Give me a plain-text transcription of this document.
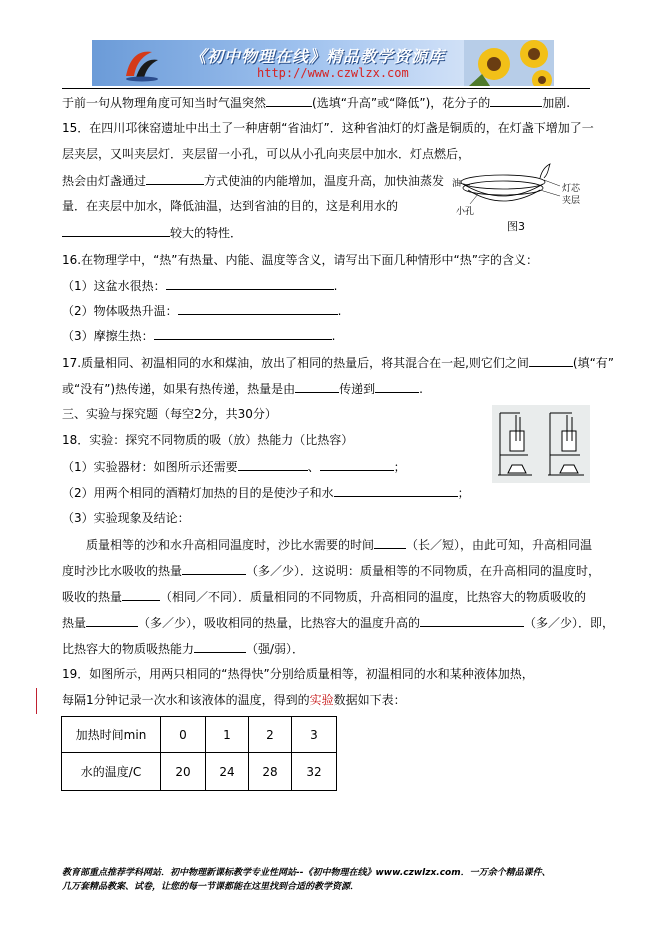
《初中物理在线》精品教学资源库
http://www.czwlzx.com
于前一句从物理角度可知当时气温突然	(选填“升高”或“降低”)，花分子的	加剧.
15．在四川邛徕窑遗址中出土了一种唐朝“省油灯”．这种省油灯的灯盏是铜质的，在灯盏下增加了一
层夹层，又叫夹层灯．夹层留一小孔，可以从小孔向夹层中加水．灯点燃后，
热会由灯盏通过	方式使油的内能增加，温度升高，加快油蒸发
量．在夹层中加水，降低油温，达到省油的目的，这是利用水的
较大的特性．
油	灯芯
夹层
小孔
图3
16.在物理学中，“热”有热量、内能、温度等含义，请写出下面几种情形中“热”字的含义：
（1）这盆水很热：	.
（2）物体吸热升温：	.
（3）摩擦生热：	.
17.质量相同、初温相同的水和煤油，放出了相同的热量后，将其混合在一起,则它们之间	(填“有”
或“没有”)热传递，如果有热传递，热量是由	传递到	.
三、实验与探究题（每空2分，共30分）
18．实验：探究不同物质的吸（放）热能力（比热容）
（1）实验器材：如图所示还需要	、	；
（2）用两个相同的酒精灯加热的目的是使沙子和水	；
（3）实验现象及结论：
质量相等的沙和水升高相同温度时，沙比水需要的时间	（长／短），由此可知，升高相同温
度时沙比水吸收的热量	（多／少）．这说明：质量相等的不同物质，在升高相同的温度时，
吸收的热量	（相同／不同）．质量相同的不同物质，升高相同的温度，比热容大的物质吸收的
热量	（多／少），吸收相同的热量，比热容大的温度升高的	（多／少）．即，
比热容大的物质吸热能力	（强/弱）．
19．如图所示，用两只相同的“热得快”分别给质量相等，初温相同的水和某种液体加热，
每隔1分钟记录一次水和该液体的温度，得到的实验数据如下表：
加热时间min	0	1	2	3
水的温度/C	20	24	28	32
教育部重点推荐学科网站．初中物理新课标教学专业性网站--《初中物理在线》www.czwlzx.com．一万余个精品课件、
几万套精品教案、试卷，让您的每一节课都能在这里找到合适的教学资源．
